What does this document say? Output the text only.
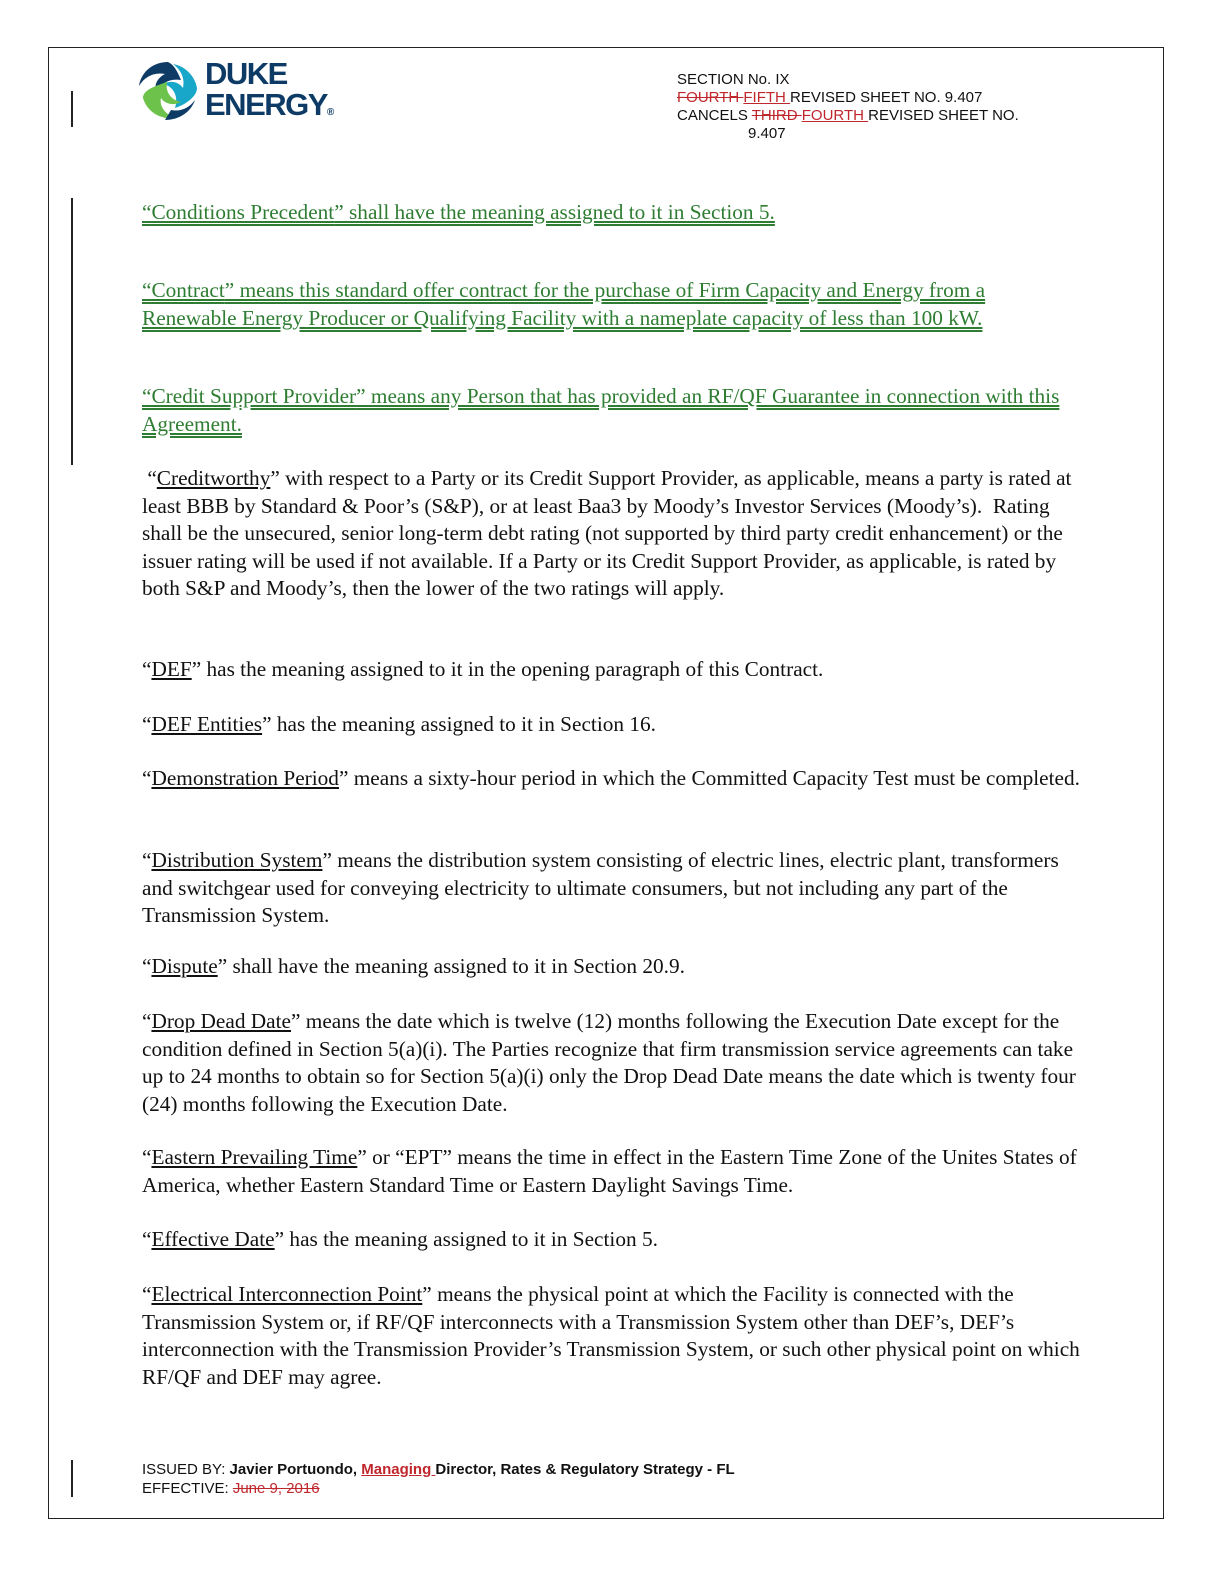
DUKE
ENERGY®
SECTION No. IX
FOURTH FIFTH REVISED SHEET NO. 9.407
CANCELS THIRD FOURTH REVISED SHEET NO.
9.407
“Conditions Precedent” shall have the meaning assigned to it in Section 5.
“Contract” means this standard offer contract for the purchase of Firm Capacity and Energy from a Renewable Energy Producer or Qualifying Facility with a nameplate capacity of less than 100 kW.
“Credit Support Provider” means any Person that has provided an RF/QF Guarantee in connection with this Agreement.
“Creditworthy” with respect to a Party or its Credit Support Provider, as applicable, means a party is rated at least BBB by Standard & Poor’s (S&P), or at least Baa3 by Moody’s Investor Services (Moody’s).  Rating shall be the unsecured, senior long-term debt rating (not supported by third party credit enhancement) or the issuer rating will be used if not available. If a Party or its Credit Support Provider, as applicable, is rated by both S&P and Moody’s, then the lower of the two ratings will apply.
“DEF” has the meaning assigned to it in the opening paragraph of this Contract.
“DEF Entities” has the meaning assigned to it in Section 16.
“Demonstration Period” means a sixty-hour period in which the Committed Capacity Test must be completed.
“Distribution System” means the distribution system consisting of electric lines, electric plant, transformers and switchgear used for conveying electricity to ultimate consumers, but not including any part of the Transmission System.
“Dispute” shall have the meaning assigned to it in Section 20.9.
“Drop Dead Date” means the date which is twelve (12) months following the Execution Date except for the condition defined in Section 5(a)(i). The Parties recognize that firm transmission service agreements can take up to 24 months to obtain so for Section 5(a)(i) only the Drop Dead Date means the date which is twenty four (24) months following the Execution Date.
“Eastern Prevailing Time” or “EPT” means the time in effect in the Eastern Time Zone of the Unites States of America, whether Eastern Standard Time or Eastern Daylight Savings Time.
“Effective Date” has the meaning assigned to it in Section 5.
“Electrical Interconnection Point” means the physical point at which the Facility is connected with the Transmission System or, if RF/QF interconnects with a Transmission System other than DEF’s, DEF’s interconnection with the Transmission Provider’s Transmission System, or such other physical point on which RF/QF and DEF may agree.
ISSUED BY: Javier Portuondo, Managing Director, Rates & Regulatory Strategy - FL
EFFECTIVE: June 9, 2016
